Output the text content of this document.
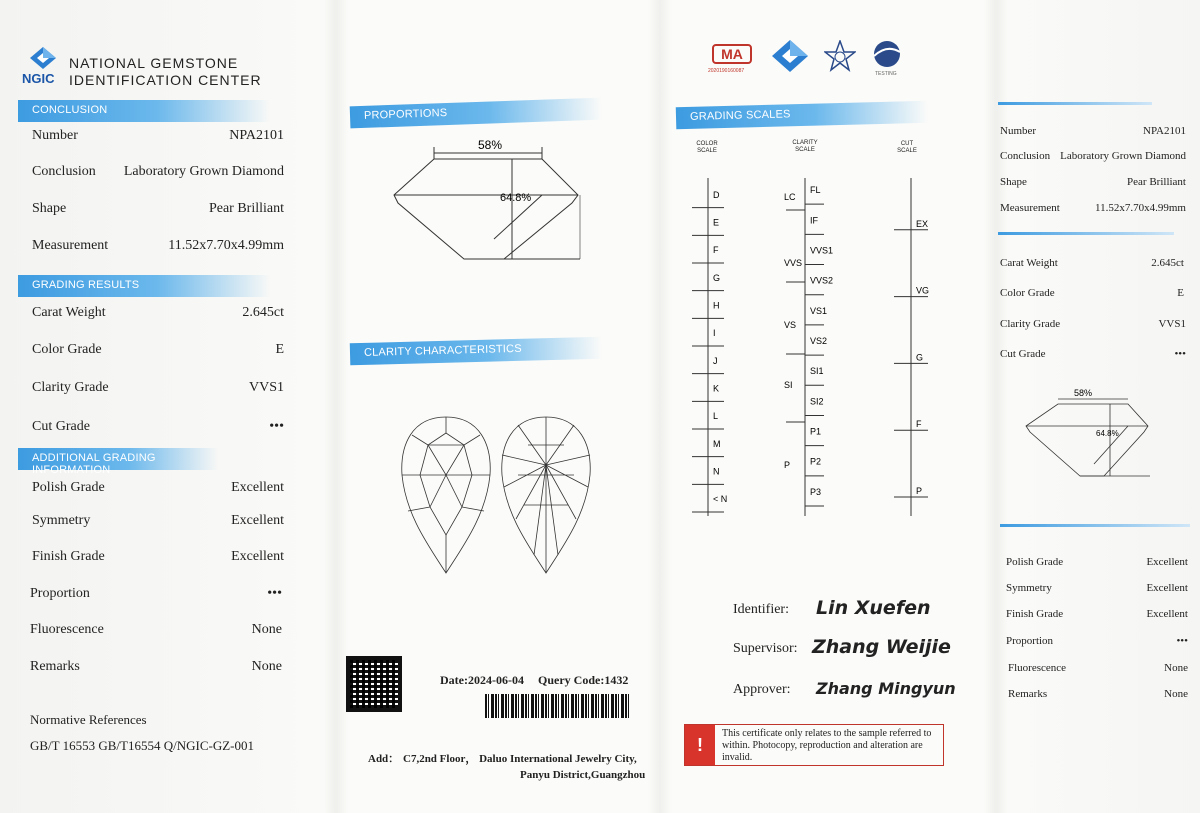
NGIC
NATIONAL GEMSTONE
IDENTIFICATION CENTER
CONCLUSION
Number	NPA2101
Conclusion Laboratory Grown Diamond
Shape	Pear Brilliant
Measurement	11.52x7.70x4.99mm
GRADING RESULTS
Carat Weight	2.645ct
Color Grade	E
Clarity Grade	VVS1
Cut Grade	•••
ADDITIONAL GRADING INFORMATION
Polish Grade	Excellent
Symmetry	Excellent
Finish Grade	Excellent
Proportion	•••
Fluorescence	None
Remarks	None
Normative References
GB/T 16553 GB/T16554 Q/NGIC-GZ-001
PROPORTIONS
58%
64.8%
CLARITY CHARACTERISTICS
Date:2024-06-04 Query Code:1432
Add： C7,2nd Floor， Daluo International Jewelry City,
Panyu District,Guangzhou
MA
2020190160087	TESTING
GRADING SCALES
COLOR SCALE
CLARITY SCALE
CUT SCALE
D
E
F
G
H
I
J
K
L
M
N
< N
FL
IF
VVS1
VVS2
VS1
VS2
SI1
SI2
P1
P2
P3
LC
VVS
VS
SI
P
EX
VG
G
F
P
Identifier: Lin Xuefen
Supervisor: Zhang Weijie
Approver: Zhang Mingyun
!
This certificate only relates to the sample referred to within. Photocopy, reproduction and alteration are invalid.
Number	NPA2101
Conclusion Laboratory Grown Diamond
Shape	Pear Brilliant
Measurement	11.52x7.70x4.99mm
Carat Weight	2.645ct
Color Grade	E
Clarity Grade	VVS1
Cut Grade	•••
58%
64.8%
Polish Grade	Excellent
Symmetry	Excellent
Finish Grade	Excellent
Proportion	•••
Fluorescence	None
Remarks	None
